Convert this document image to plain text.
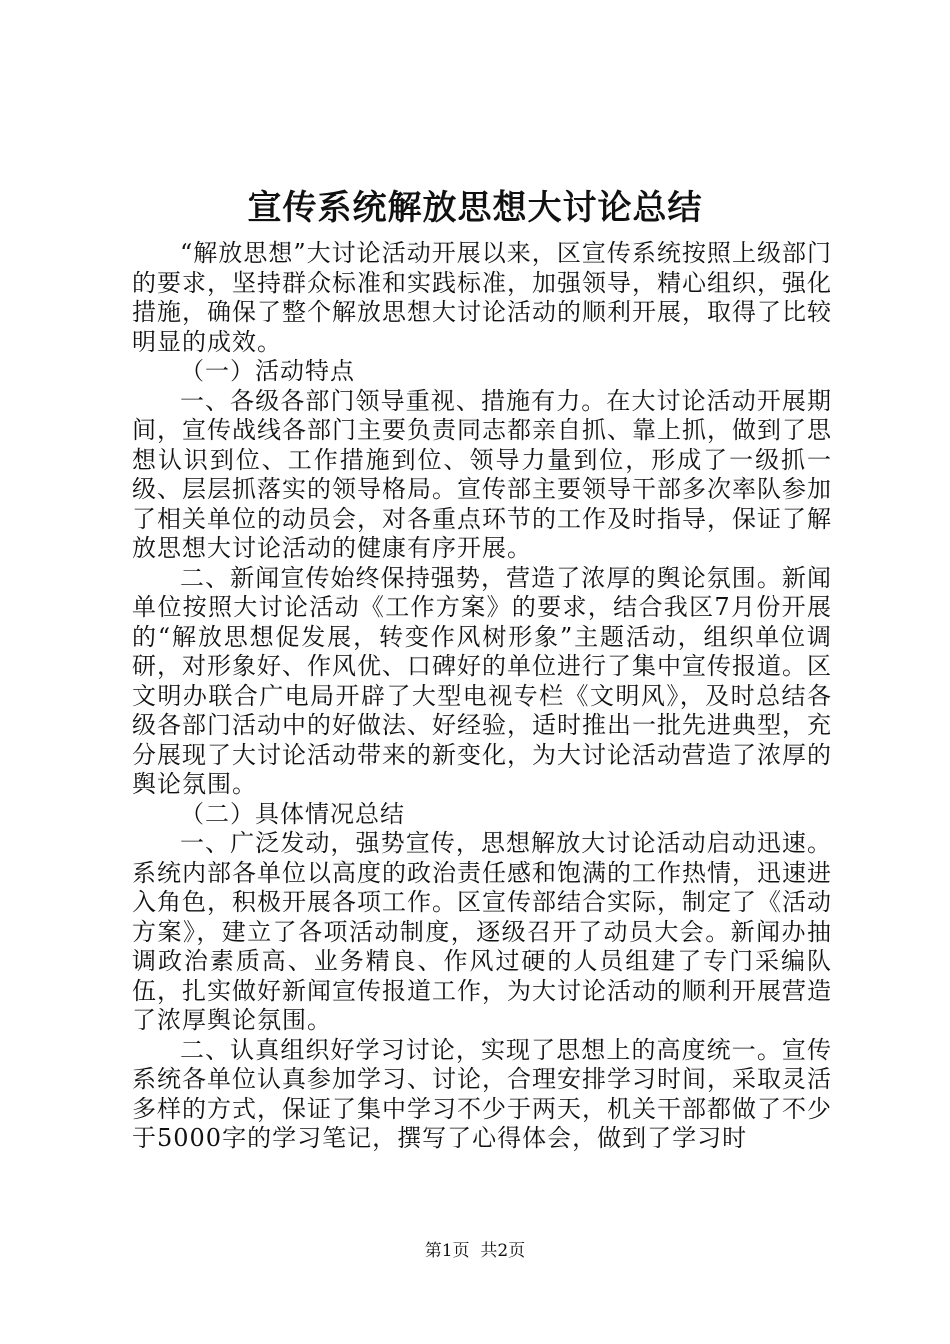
宣传系统解放思想大讨论总结

“解放思想”大讨论活动开展以来，区宣传系统按照上级部门的要求，坚持群众标准和实践标准，加强领导，精心组织，强化措施，确保了整个解放思想大讨论活动的顺利开展，取得了比较明显的成效。

（一）活动特点

一、各级各部门领导重视、措施有力。在大讨论活动开展期间，宣传战线各部门主要负责同志都亲自抓、靠上抓，做到了思想认识到位、工作措施到位、领导力量到位，形成了一级抓一级、层层抓落实的领导格局。宣传部主要领导干部多次率队参加了相关单位的动员会，对各重点环节的工作及时指导，保证了解放思想大讨论活动的健康有序开展。

二、新闻宣传始终保持强势，营造了浓厚的舆论氛围。新闻单位按照大讨论活动《工作方案》的要求，结合我区7月份开展的“解放思想促发展，转变作风树形象”主题活动，组织单位调研，对形象好、作风优、口碑好的单位进行了集中宣传报道。区文明办联合广电局开辟了大型电视专栏《文明风》，及时总结各级各部门活动中的好做法、好经验，适时推出一批先进典型，充分展现了大讨论活动带来的新变化，为大讨论活动营造了浓厚的舆论氛围。

（二）具体情况总结

一、广泛发动，强势宣传，思想解放大讨论活动启动迅速。系统内部各单位以高度的政治责任感和饱满的工作热情，迅速进入角色，积极开展各项工作。区宣传部结合实际，制定了《活动方案》，建立了各项活动制度，逐级召开了动员大会。新闻办抽调政治素质高、业务精良、作风过硬的人员组建了专门采编队伍，扎实做好新闻宣传报道工作，为大讨论活动的顺利开展营造了浓厚舆论氛围。

二、认真组织好学习讨论，实现了思想上的高度统一。宣传系统各单位认真参加学习、讨论，合理安排学习时间，采取灵活多样的方式，保证了集中学习不少于两天，机关干部都做了不少于5000字的学习笔记，撰写了心得体会，做到了学习时

第1页 共2页
